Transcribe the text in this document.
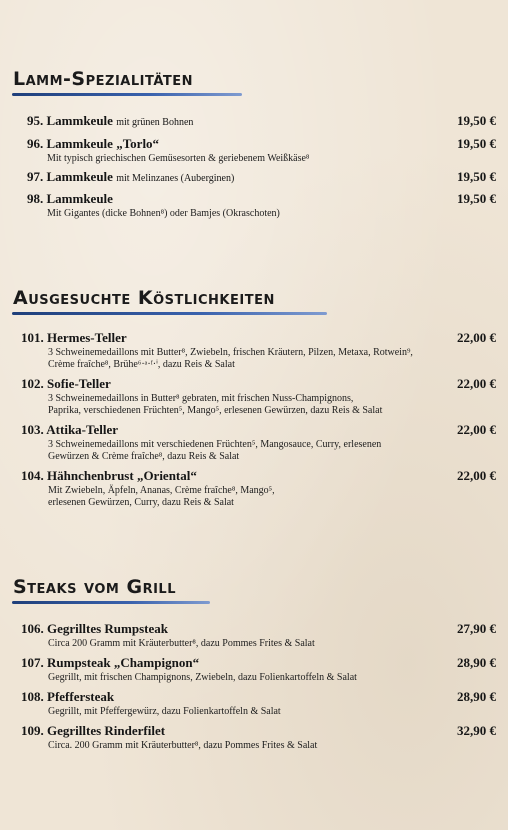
Lamm-Spezialitäten
95. Lammkeule mit grünen Bohnen	19,50 €
96. Lammkeule „Torlo“	19,50 €
Mit typisch griechischen Gemüsesorten & geriebenem Weißkäse⁸
97. Lammkeule mit Melinzanes (Auberginen)	19,50 €
98. Lammkeule	19,50 €
Mit Gigantes (dicke Bohnen⁸) oder Bamjes (Okraschoten)
Ausgesuchte Köstlichkeiten
101. Hermes-Teller	22,00 €
3 Schweinemedaillons mit Butter⁸, Zwiebeln, frischen Kräutern, Pilzen, Metaxa, Rotwein⁹,
Crème fraîche⁸, Brühe⁶·ᵃ·ᶠ·ⁱ, dazu Reis & Salat
102. Sofie-Teller	22,00 €
3 Schweinemedaillons in Butter⁸ gebraten, mit frischen Nuss-Champignons,
Paprika, verschiedenen Früchten⁵, Mango⁵, erlesenen Gewürzen, dazu Reis & Salat
103. Attika-Teller	22,00 €
3 Schweinemedaillons mit verschiedenen Früchten⁵, Mangosauce, Curry, erlesenen
Gewürzen & Crème fraîche⁸, dazu Reis & Salat
104. Hähnchenbrust „Oriental“	22,00 €
Mit Zwiebeln, Äpfeln, Ananas, Crème fraîche⁸, Mango⁵,
erlesenen Gewürzen, Curry, dazu Reis & Salat
Steaks vom Grill
106. Gegrilltes Rumpsteak	27,90 €
Circa 200 Gramm mit Kräuterbutter⁸, dazu Pommes Frites & Salat
107. Rumpsteak „Champignon“	28,90 €
Gegrillt, mit frischen Champignons, Zwiebeln, dazu Folienkartoffeln & Salat
108. Pfeffersteak	28,90 €
Gegrillt, mit Pfeffergewürz, dazu Folienkartoffeln & Salat
109. Gegrilltes Rinderfilet	32,90 €
Circa. 200 Gramm mit Kräuterbutter⁸, dazu Pommes Frites & Salat
